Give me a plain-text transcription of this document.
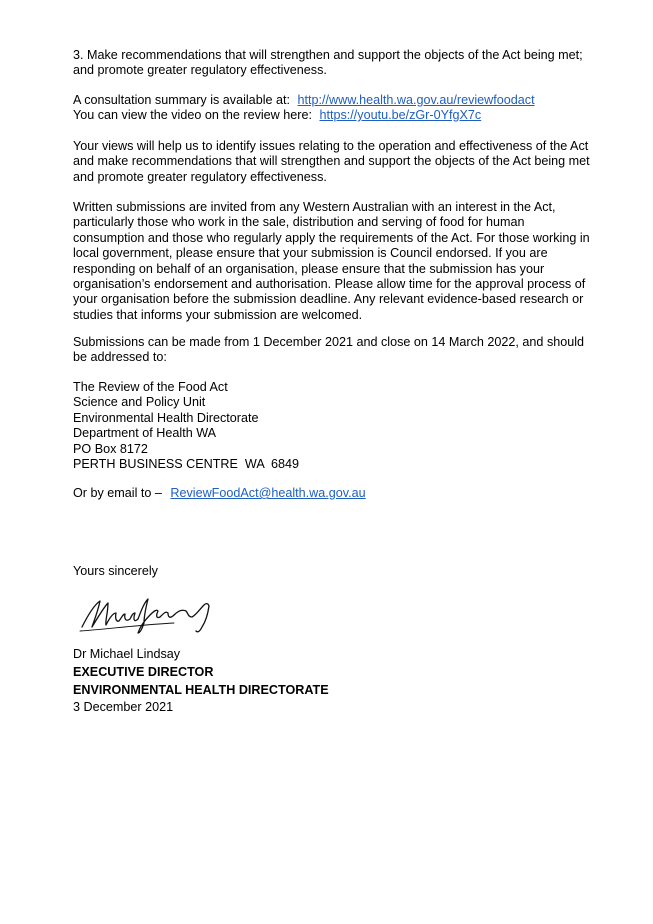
3. Make recommendations that will strengthen and support the objects of the Act being met; and promote greater regulatory effectiveness.

A consultation summary is available at: http://www.health.wa.gov.au/reviewfoodact
You can view the video on the review here: https://youtu.be/zGr-0YfgX7c

Your views will help us to identify issues relating to the operation and effectiveness of the Act and make recommendations that will strengthen and support the objects of the Act being met and promote greater regulatory effectiveness.

Written submissions are invited from any Western Australian with an interest in the Act, particularly those who work in the sale, distribution and serving of food for human consumption and those who regularly apply the requirements of the Act. For those working in local government, please ensure that your submission is Council endorsed. If you are responding on behalf of an organisation, please ensure that the submission has your organisation’s endorsement and authorisation. Please allow time for the approval process of your organisation before the submission deadline. Any relevant evidence-based research or studies that informs your submission are welcomed.

Submissions can be made from 1 December 2021 and close on 14 March 2022, and should be addressed to:

The Review of the Food Act
Science and Policy Unit
Environmental Health Directorate
Department of Health WA
PO Box 8172
PERTH BUSINESS CENTRE  WA  6849
Or by email to – ReviewFoodAct@health.wa.gov.au
Yours sincerely
Dr Michael Lindsay
EXECUTIVE DIRECTOR
ENVIRONMENTAL HEALTH DIRECTORATE
3 December 2021
